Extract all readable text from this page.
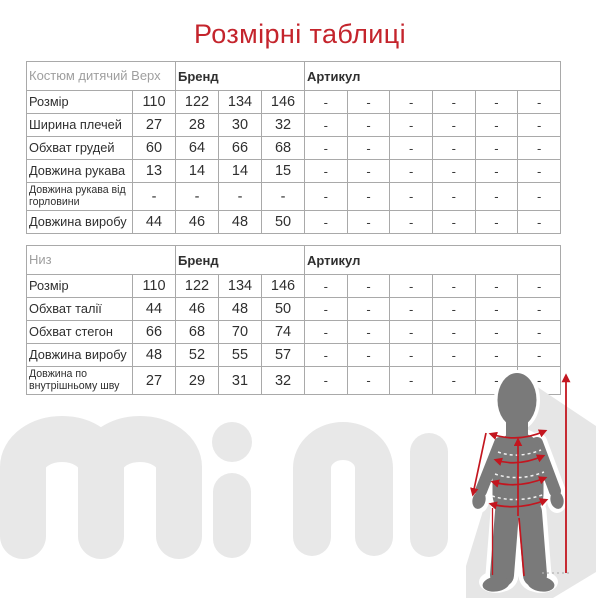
Розмірні таблиці
Костюм дитячий Верх		Бренд			Артикул					
Розмір	110	122	134	146	-	-	-	-	-	-
Ширина плечей	27	28	30	32	-	-	-	-	-	-
Обхват грудей	60	64	66	68	-	-	-	-	-	-
Довжина рукава	13	14	14	15	-	-	-	-	-	-
Довжина рукава від горловини	-	-	-	-	-	-	-	-	-	-
Довжина виробу	44	46	48	50	-	-	-	-	-	-
Низ		Бренд			Артикул					
Розмір	110	122	134	146	-	-	-	-	-	-
Обхват талії	44	46	48	50	-	-	-	-	-	-
Обхват стегон	66	68	70	74	-	-	-	-	-	-
Довжина виробу	48	52	55	57	-	-	-	-	-	-
Довжина по внутрішньому шву	27	29	31	32	-	-	-	-	-	-
